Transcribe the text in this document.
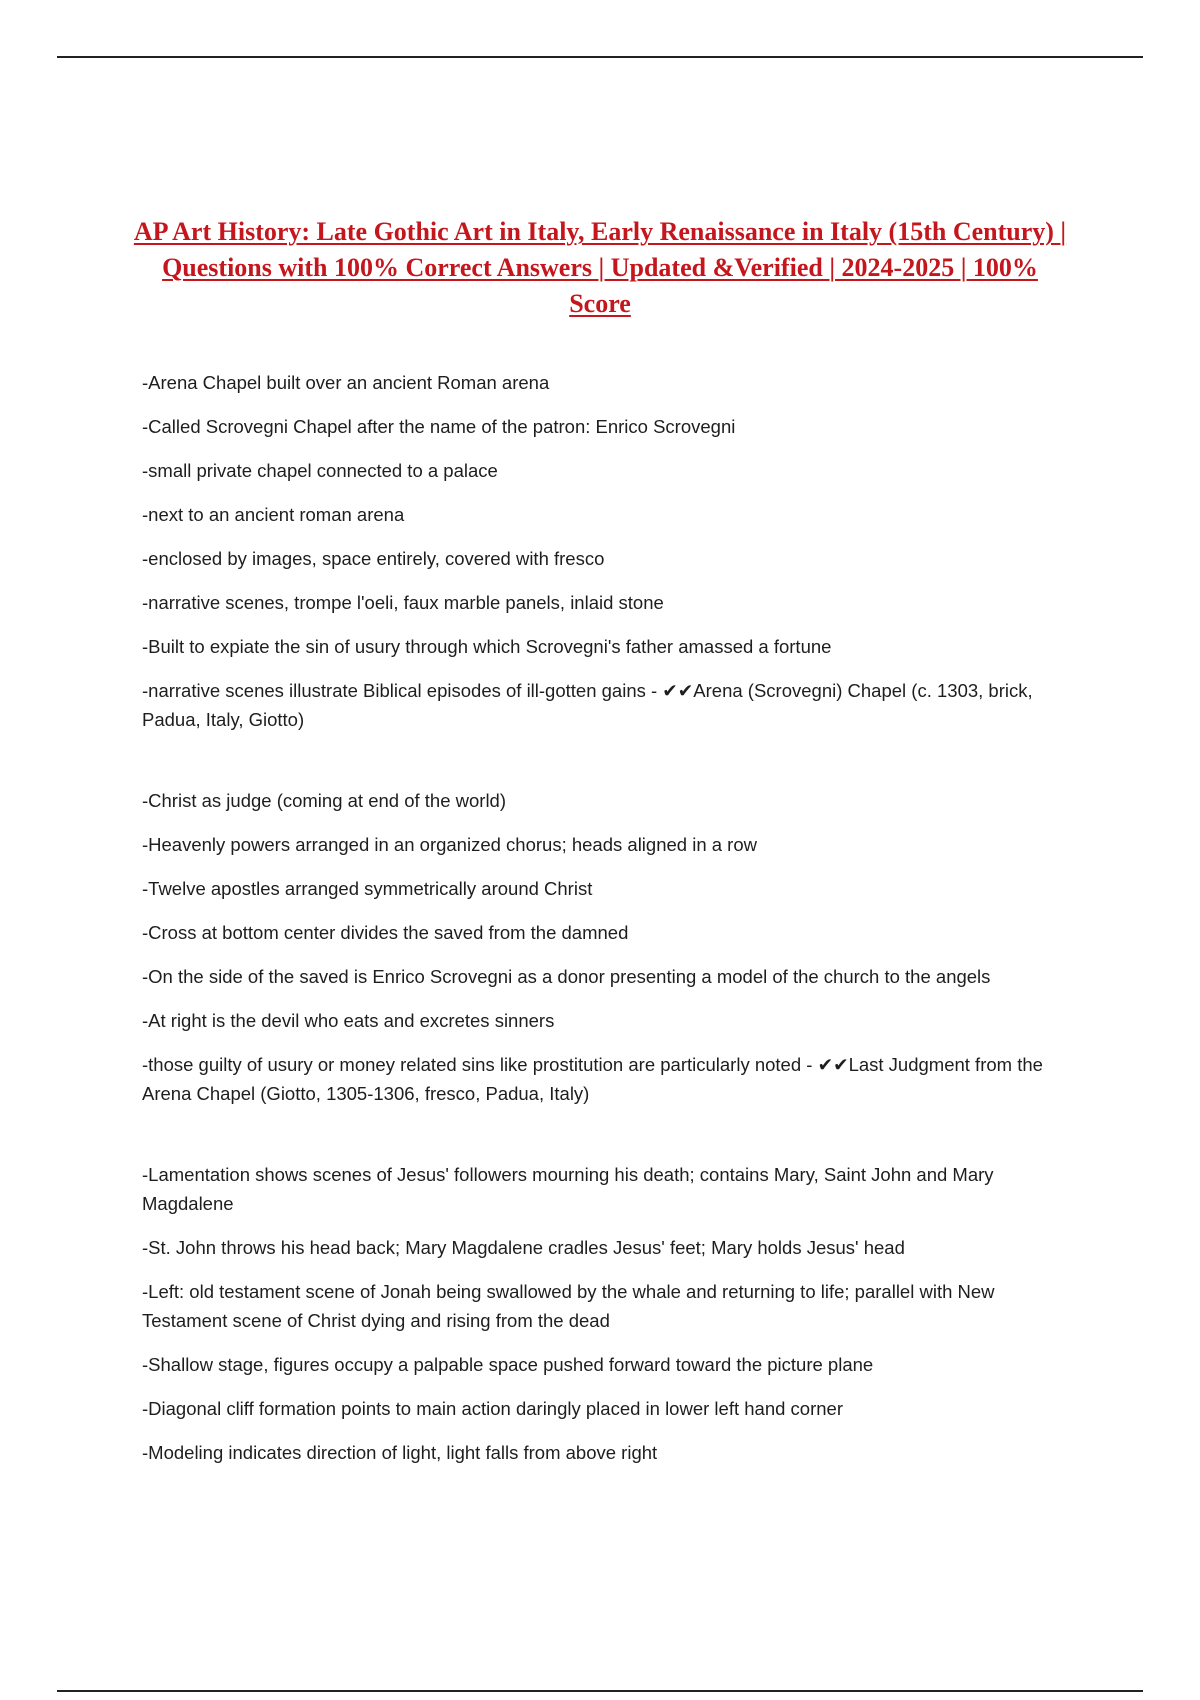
AP Art History: Late Gothic Art in Italy, Early Renaissance in Italy (15th Century) | Questions with 100% Correct Answers | Updated &Verified | 2024-2025 | 100% Score

-Arena Chapel built over an ancient Roman arena

-Called Scrovegni Chapel after the name of the patron: Enrico Scrovegni

-small private chapel connected to a palace

-next to an ancient roman arena

-enclosed by images, space entirely, covered with fresco

-narrative scenes, trompe l'oeli, faux marble panels, inlaid stone

-Built to expiate the sin of usury through which Scrovegni's father amassed a fortune

-narrative scenes illustrate Biblical episodes of ill-gotten gains - ✔✔Arena (Scrovegni) Chapel (c. 1303, brick, Padua, Italy, Giotto)

-Christ as judge (coming at end of the world)

-Heavenly powers arranged in an organized chorus; heads aligned in a row

-Twelve apostles arranged symmetrically around Christ

-Cross at bottom center divides the saved from the damned

-On the side of the saved is Enrico Scrovegni as a donor presenting a model of the church to the angels

-At right is the devil who eats and excretes sinners

-those guilty of usury or money related sins like prostitution are particularly noted - ✔✔Last Judgment from the Arena Chapel (Giotto, 1305-1306, fresco, Padua, Italy)

-Lamentation shows scenes of Jesus' followers mourning his death; contains Mary, Saint John and Mary Magdalene

-St. John throws his head back; Mary Magdalene cradles Jesus' feet; Mary holds Jesus' head

-Left: old testament scene of Jonah being swallowed by the whale and returning to life; parallel with New Testament scene of Christ dying and rising from the dead

-Shallow stage, figures occupy a palpable space pushed forward toward the picture plane

-Diagonal cliff formation points to main action daringly placed in lower left hand corner

-Modeling indicates direction of light, light falls from above right
